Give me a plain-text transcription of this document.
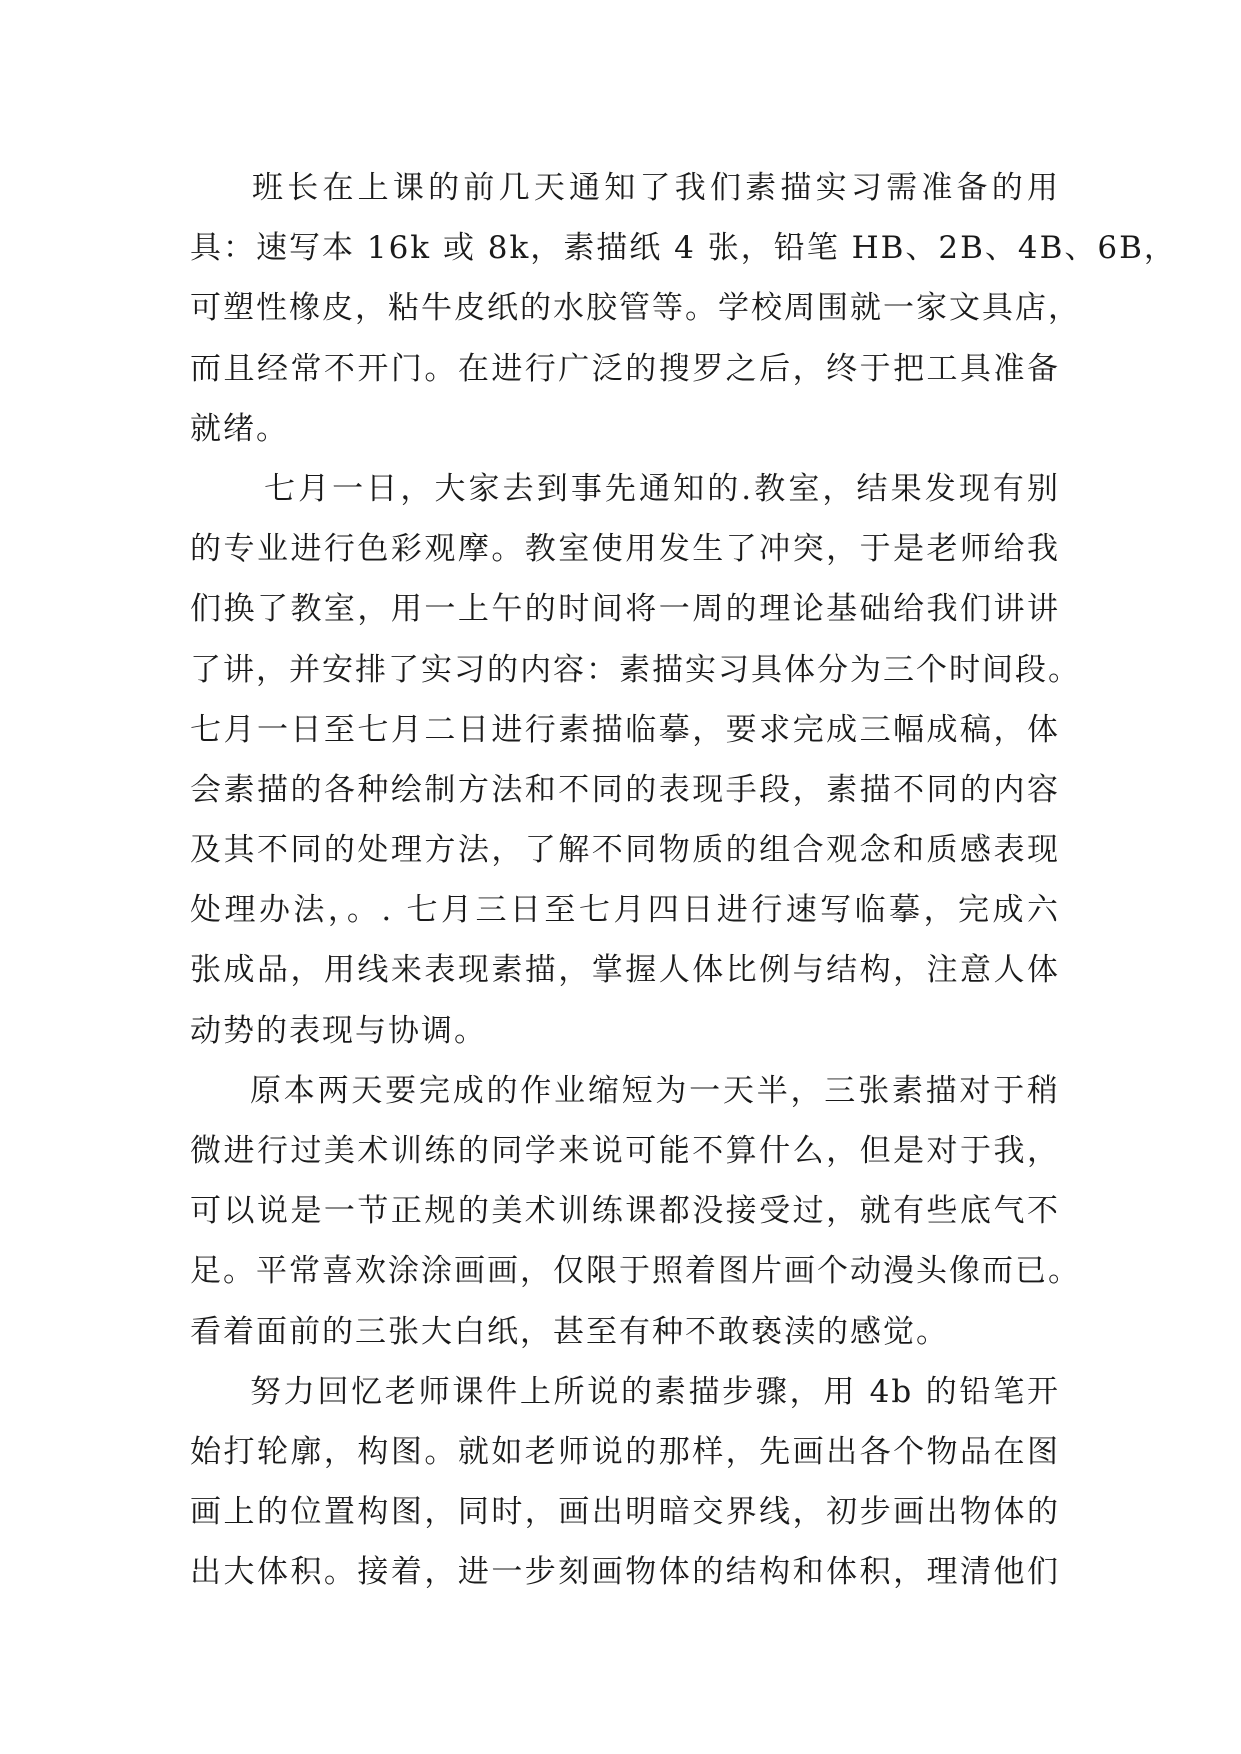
班长在上课的前几天通知了我们素描实习需准备的用
具：速写本 16k 或 8k，素描纸 4 张，铅笔 HB、2B、4B、6B，
可塑性橡皮，粘牛皮纸的水胶管等。学校周围就一家文具店，
而且经常不开门。在进行广泛的搜罗之后，终于把工具准备
就绪。
七月一日，大家去到事先通知的.教室，结果发现有别
的专业进行色彩观摩。教室使用发生了冲突，于是老师给我
们换了教室，用一上午的时间将一周的理论基础给我们讲讲
了讲，并安排了实习的内容：素描实习具体分为三个时间段。
七月一日至七月二日进行素描临摹，要求完成三幅成稿，体
会素描的各种绘制方法和不同的表现手段，素描不同的内容
及其不同的处理方法，了解不同物质的组合观念和质感表现
处理办法，。. 七月三日至七月四日进行速写临摹，完成六
张成品，用线来表现素描，掌握人体比例与结构，注意人体
动势的表现与协调。
原本两天要完成的作业缩短为一天半，三张素描对于稍
微进行过美术训练的同学来说可能不算什么，但是对于我，
可以说是一节正规的美术训练课都没接受过，就有些底气不
足。平常喜欢涂涂画画，仅限于照着图片画个动漫头像而已。
看着面前的三张大白纸，甚至有种不敢亵渎的感觉。
努力回忆老师课件上所说的素描步骤，用 4b 的铅笔开
始打轮廓，构图。就如老师说的那样，先画出各个物品在图
画上的位置构图，同时，画出明暗交界线，初步画出物体的
出大体积。接着，进一步刻画物体的结构和体积，理清他们
